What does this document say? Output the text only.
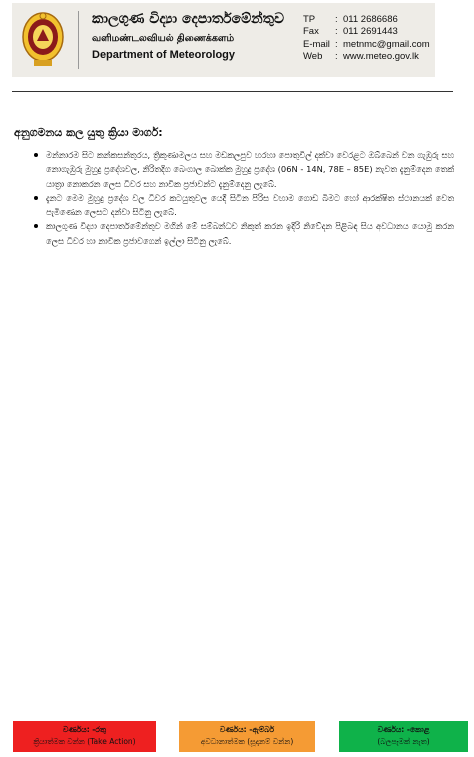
කාලගුණ විද්‍යා දෙපාර්තමේන්තුව
வளிமண்டலவியல் திணைக்களம்
Department of Meteorology
TP	: 011 2686686
Fax	: 011 2691443
E-mail : metnmc@gmail.com
Web	: www.meteo.gov.lk
අනුගමනය කල යුතු ක්‍රියා මාර්ග:
මන්නාරම සිට කන්කසන්තුරය, ත්‍රිකුණාමලය සහ මඩකලපුව හරහා පොතුවිල් දක්වා වෙරළට ඔබ්බෙන් වන ගැඹුරු සහ නොගැඹුරු මුහුදු ප්‍රදේශවල, නිරිතදිග බෙංගාල බොක්ක මුහුදු ප්‍රදේශ (06N - 14N, 78E – 85E) නැවත දැනුම්දෙන තෙක් යාත්‍රා නොකරන ලෙස ධීවර සහ නාවික ප්‍රජාවන්ට දැනුම්දෙනු ලැබේ.
දැනට මෙම මුහුදු ප්‍රදේශ වල ධීවර කටයුතුවල යෙදී සිටින පිරිස වහාම ගොඩ බිමට හෝ ආරක්ෂිත ස්ථානයක් වෙත පැමිණෙන ලෙසට දන්වා සිටිනු ලැබේ.
කාලගුණ විද්‍යා දෙපාර්තමේන්තුව මගින් මේ සම්බන්ධව නිකුත් කරන ඉදිරි නිවේදන පිළිබඳ සිය අවධානය යොමු කරන ලෙස ධීවර හා නාවික ප්‍රජාවගෙන් ඉල්ලා සිටිනු ලැබේ.
වර්ණය: -රතු
ක්‍රියාත්මක වන්න (Take Action)
වර්ණය: -ඇම්බර්
අවධානාත්මක (සූදානම් වන්න)
වර්ණය: -කොළ
(බලපෑමක් නැත)
